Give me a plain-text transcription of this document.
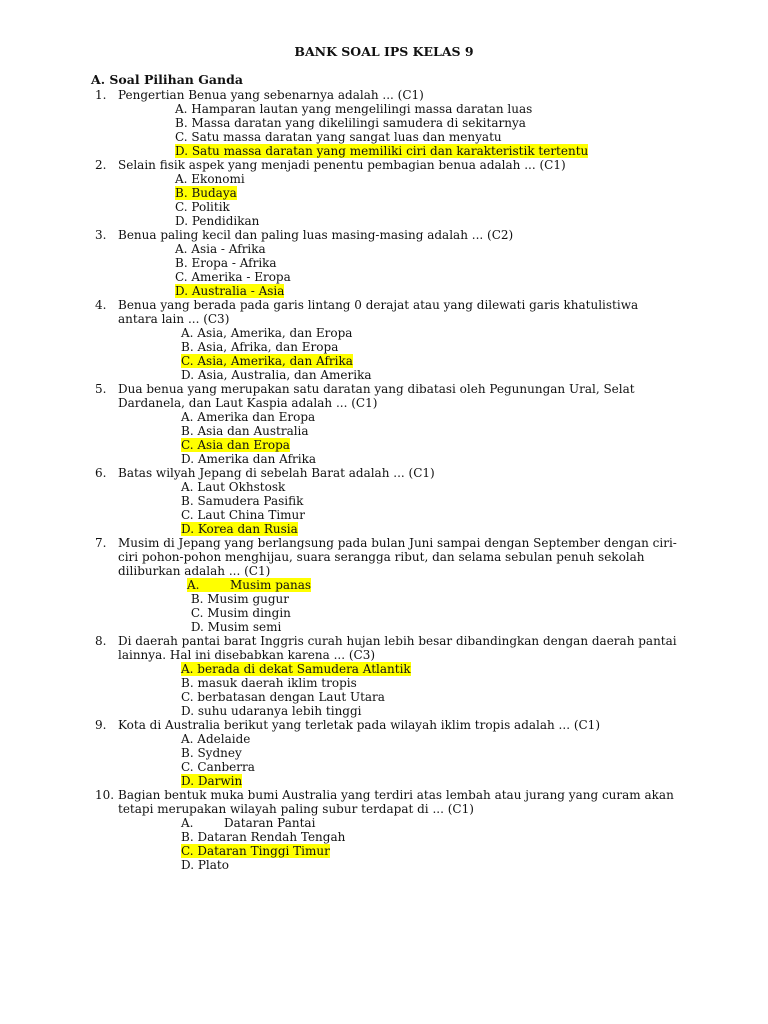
BANK SOAL IPS KELAS 9
A. Soal Pilihan Ganda
1. Pengertian Benua yang sebenarnya adalah ... (C1)
A. Hamparan lautan yang mengelilingi massa daratan luas
B. Massa daratan yang dikelilingi samudera di sekitarnya
C. Satu massa daratan yang sangat luas dan menyatu
D. Satu massa daratan yang memiliki ciri dan karakteristik tertentu
2. Selain fisik aspek yang menjadi penentu pembagian benua adalah ... (C1)
A. Ekonomi
B. Budaya
C. Politik
D. Pendidikan
3. Benua paling kecil dan paling luas masing-masing adalah ... (C2)
A. Asia - Afrika
B. Eropa - Afrika
C. Amerika - Eropa
D. Australia - Asia
4. Benua yang berada pada garis lintang 0 derajat atau yang dilewati garis khatulistiwa antara lain ... (C3)
A. Asia, Amerika, dan Eropa
B. Asia, Afrika, dan Eropa
C. Asia, Amerika, dan Afrika
D. Asia, Australia, dan Amerika
5. Dua benua yang merupakan satu daratan yang dibatasi oleh Pegunungan Ural, Selat Dardanela, dan Laut Kaspia adalah ... (C1)
A. Amerika dan Eropa
B. Asia dan Australia
C. Asia dan Eropa
D. Amerika dan Afrika
6. Batas wilyah Jepang di sebelah Barat adalah ... (C1)
A. Laut Okhstosk
B. Samudera Pasifik
C. Laut China Timur
D. Korea dan Rusia
7. Musim di Jepang yang berlangsung pada bulan Juni sampai dengan September dengan ciri-ciri pohon-pohon menghijau, suara serangga ribut, dan selama sebulan penuh sekolah diliburkan adalah ... (C1)
A.        Musim panas
B. Musim gugur
C. Musim dingin
D. Musim semi
8. Di daerah pantai barat Inggris curah hujan lebih besar dibandingkan dengan daerah pantai lainnya. Hal ini disebabkan karena ... (C3)
A. berada di dekat Samudera Atlantik
B. masuk daerah iklim tropis
C. berbatasan dengan Laut Utara
D. suhu udaranya lebih tinggi
9. Kota di Australia berikut yang terletak pada wilayah iklim tropis adalah ... (C1)
A. Adelaide
B. Sydney
C. Canberra
D. Darwin
10. Bagian bentuk muka bumi Australia yang terdiri atas lembah atau jurang yang curam akan tetapi merupakan wilayah paling subur terdapat di ... (C1)
A.        Dataran Pantai
B. Dataran Rendah Tengah
C. Dataran Tinggi Timur
D. Plato
